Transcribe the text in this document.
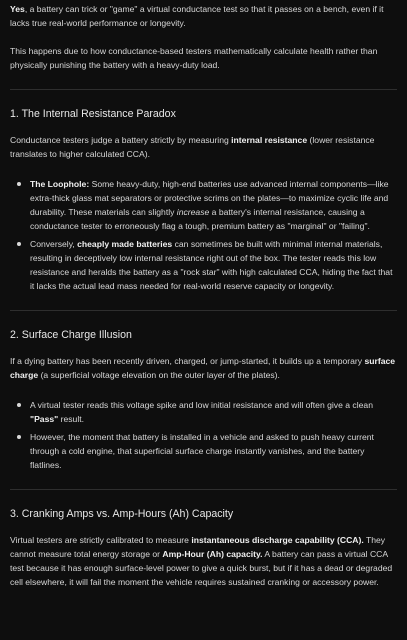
Yes, a battery can trick or "game" a virtual conductance test so that it passes on a bench, even if it lacks true real-world performance or longevity.

This happens due to how conductance-based testers mathematically calculate health rather than physically punishing the battery with a heavy-duty load.

1. The Internal Resistance Paradox

Conductance testers judge a battery strictly by measuring internal resistance (lower resistance translates to higher calculated CCA).

The Loophole: Some heavy-duty, high-end batteries use advanced internal components—like extra-thick glass mat separators or protective scrims on the plates—to maximize cyclic life and durability. These materials can slightly increase a battery's internal resistance, causing a conductance tester to erroneously flag a tough, premium battery as "marginal" or "failing".
Conversely, cheaply made batteries can sometimes be built with minimal internal materials, resulting in deceptively low internal resistance right out of the box. The tester reads this low resistance and heralds the battery as a "rock star" with high calculated CCA, hiding the fact that it lacks the actual lead mass needed for real-world reserve capacity or longevity.
2. Surface Charge Illusion

If a dying battery has been recently driven, charged, or jump-started, it builds up a temporary surface charge (a superficial voltage elevation on the outer layer of the plates).

A virtual tester reads this voltage spike and low initial resistance and will often give a clean "Pass" result.
However, the moment that battery is installed in a vehicle and asked to push heavy current through a cold engine, that superficial surface charge instantly vanishes, and the battery flatlines.
3. Cranking Amps vs. Amp-Hours (Ah) Capacity

Virtual testers are strictly calibrated to measure instantaneous discharge capability (CCA). They cannot measure total energy storage or Amp-Hour (Ah) capacity. A battery can pass a virtual CCA test because it has enough surface-level power to give a quick burst, but if it has a dead or degraded cell elsewhere, it will fail the moment the vehicle requires sustained cranking or accessory power.
